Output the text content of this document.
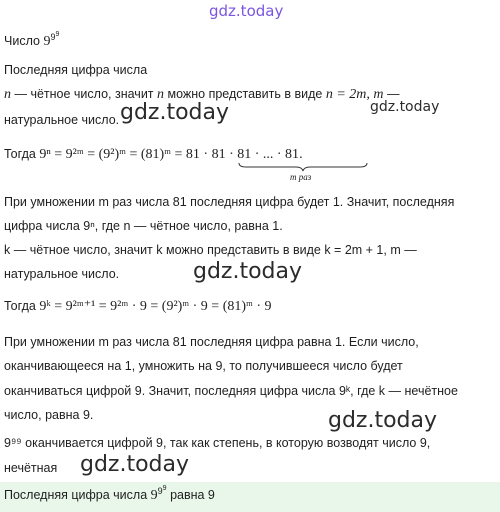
gdz.today
Число $9^{9^9}$
Последняя цифра числа
n — чётное число, значит n можно представить в виде n = 2m, m —
gdz.today
натуральное число. gdz.today
Тогда 9ⁿ = 9²ᵐ = (9²)ᵐ = (81)ᵐ = 81 · 81 · 81 · ... · 81.
m раз
При умножении m раз числа 81 последняя цифра будет 1. Значит, последняя
цифра числа 9ⁿ, где n — чётное число, равна 1.
k — чётное число, значит k можно представить в виде k = 2m + 1, m —
натуральное число.	gdz.today
Тогда 9ᵏ = 9²ᵐ⁺¹ = 9²ᵐ · 9 = (9²)ᵐ · 9 = (81)ᵐ · 9
При умножении m раз числа 81 последняя цифра равна 1. Если число,
оканчивающееся на 1, умножить на 9, то получившееся число будет
оканчиваться цифрой 9. Значит, последняя цифра числа 9ᵏ, где k — нечётное
число, равна 9.	gdz.today
9⁹⁹ оканчивается цифрой 9, так как степень, в которую возводят число 9,
нечётная gdz.today
Последняя цифра числа $9^{9^9}$ равна 9
